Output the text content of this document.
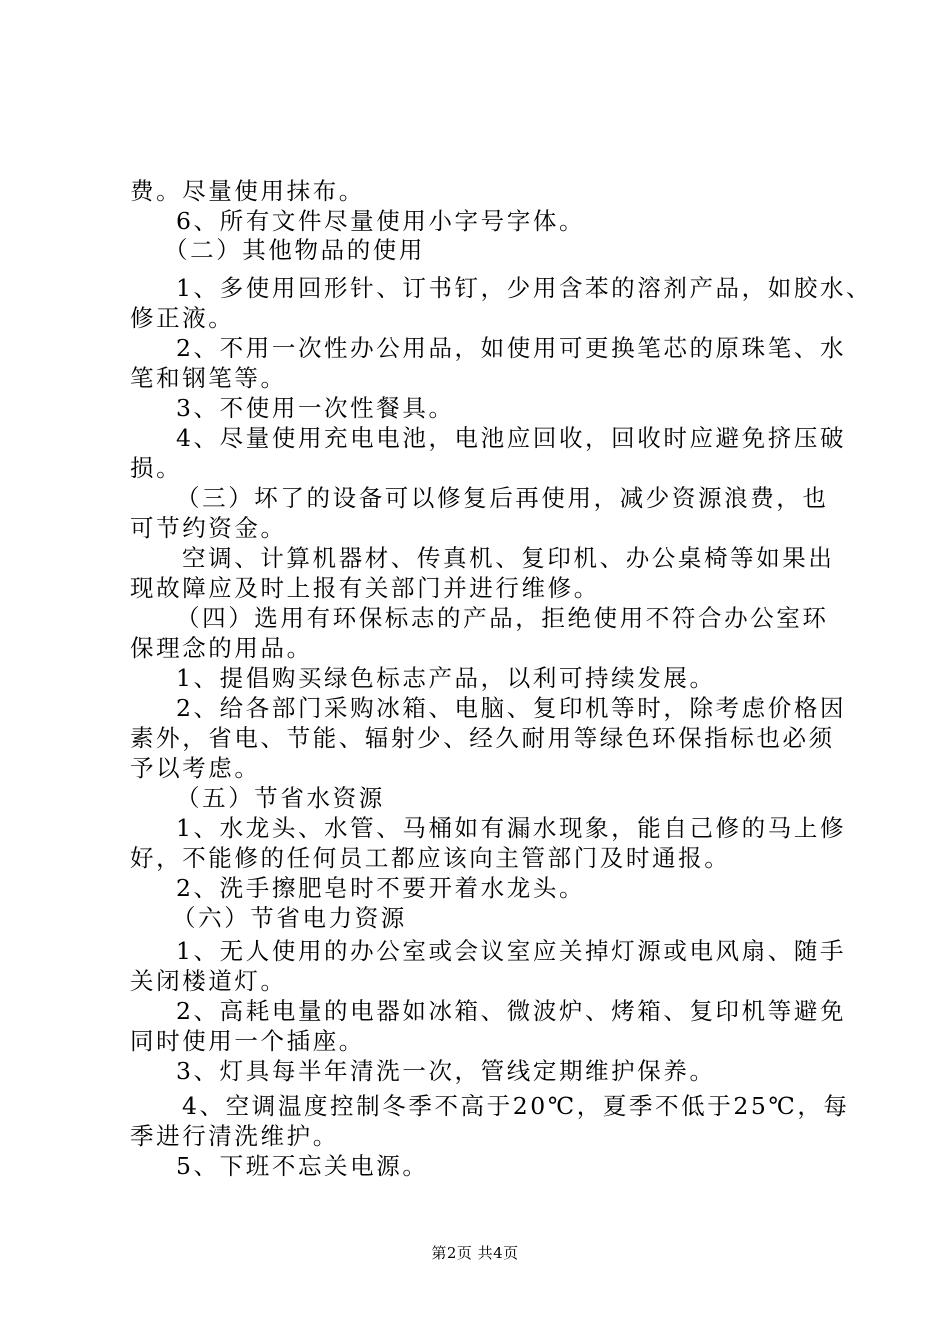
费。尽量使用抹布。
6、所有文件尽量使用小字号字体。
（二）其他物品的使用
1、多使用回形针、订书钉，少用含苯的溶剂产品，如胶水、
修正液。
2、不用一次性办公用品，如使用可更换笔芯的原珠笔、水
笔和钢笔等。
3、不使用一次性餐具。
4、尽量使用充电电池，电池应回收，回收时应避免挤压破
损。
（三）坏了的设备可以修复后再使用，减少资源浪费，也
可节约资金。
空调、计算机器材、传真机、复印机、办公桌椅等如果出
现故障应及时上报有关部门并进行维修。
（四）选用有环保标志的产品，拒绝使用不符合办公室环
保理念的用品。
1、提倡购买绿色标志产品，以利可持续发展。
2、给各部门采购冰箱、电脑、复印机等时，除考虑价格因
素外，省电、节能、辐射少、经久耐用等绿色环保指标也必须
予以考虑。
（五）节省水资源
1、水龙头、水管、马桶如有漏水现象，能自己修的马上修
好，不能修的任何员工都应该向主管部门及时通报。
2、洗手擦肥皂时不要开着水龙头。
（六）节省电力资源
1、无人使用的办公室或会议室应关掉灯源或电风扇、随手
关闭楼道灯。
2、高耗电量的电器如冰箱、微波炉、烤箱、复印机等避免
同时使用一个插座。
3、灯具每半年清洗一次，管线定期维护保养。
4、空调温度控制冬季不高于20℃，夏季不低于25℃，每
季进行清洗维护。
5、下班不忘关电源。
第2页 共4页
